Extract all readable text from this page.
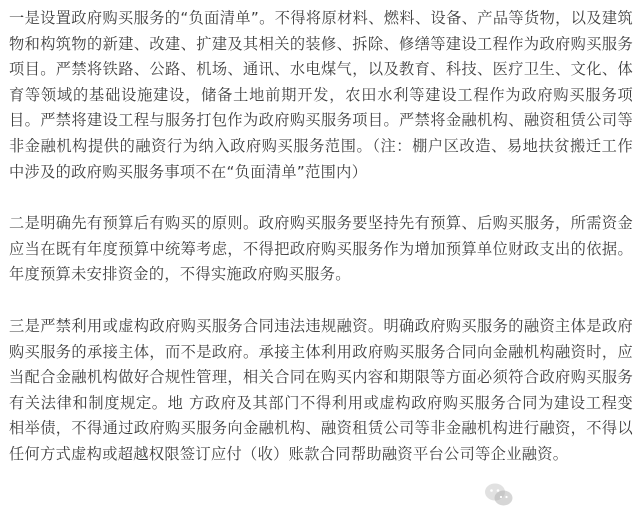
一是设置政府购买服务的“负面清单”。不得将原材料、燃料、设备、产品等货物，以及建筑物和构筑物的新建、改建、扩建及其相关的装修、拆除、修缮等建设工程作为政府购买服务项目。严禁将铁路、公路、机场、通讯、水电煤气，以及教育、科技、医疗卫生、文化、体育等领域的基础设施建设，储备土地前期开发，农田水利等建设工程作为政府购买服务项目。严禁将建设工程与服务打包作为政府购买服务项目。严禁将金融机构、融资租赁公司等非金融机构提供的融资行为纳入政府购买服务范围。（注：棚户区改造、易地扶贫搬迁工作中涉及的政府购买服务事项不在“负面清单”范围内）

二是明确先有预算后有购买的原则。政府购买服务要坚持先有预算、后购买服务，所需资金应当在既有年度预算中统筹考虑，不得把政府购买服务作为增加预算单位财政支出的依据。年度预算未安排资金的，不得实施政府购买服务。

三是严禁利用或虚构政府购买服务合同违法违规融资。明确政府购买服务的融资主体是政府购买服务的承接主体，而不是政府。承接主体利用政府购买服务合同向金融机构融资时，应当配合金融机构做好合规性管理，相关合同在购买内容和期限等方面必须符合政府购买服务有关法律和制度规定。地 方政府及其部门不得利用或虚构政府购买服务合同为建设工程变相举债，不得通过政府购买服务向金融机构、融资租赁公司等非金融机构进行融资，不得以任何方式虚构或超越权限签订应付（收）账款合同帮助融资平台公司等企业融资。
